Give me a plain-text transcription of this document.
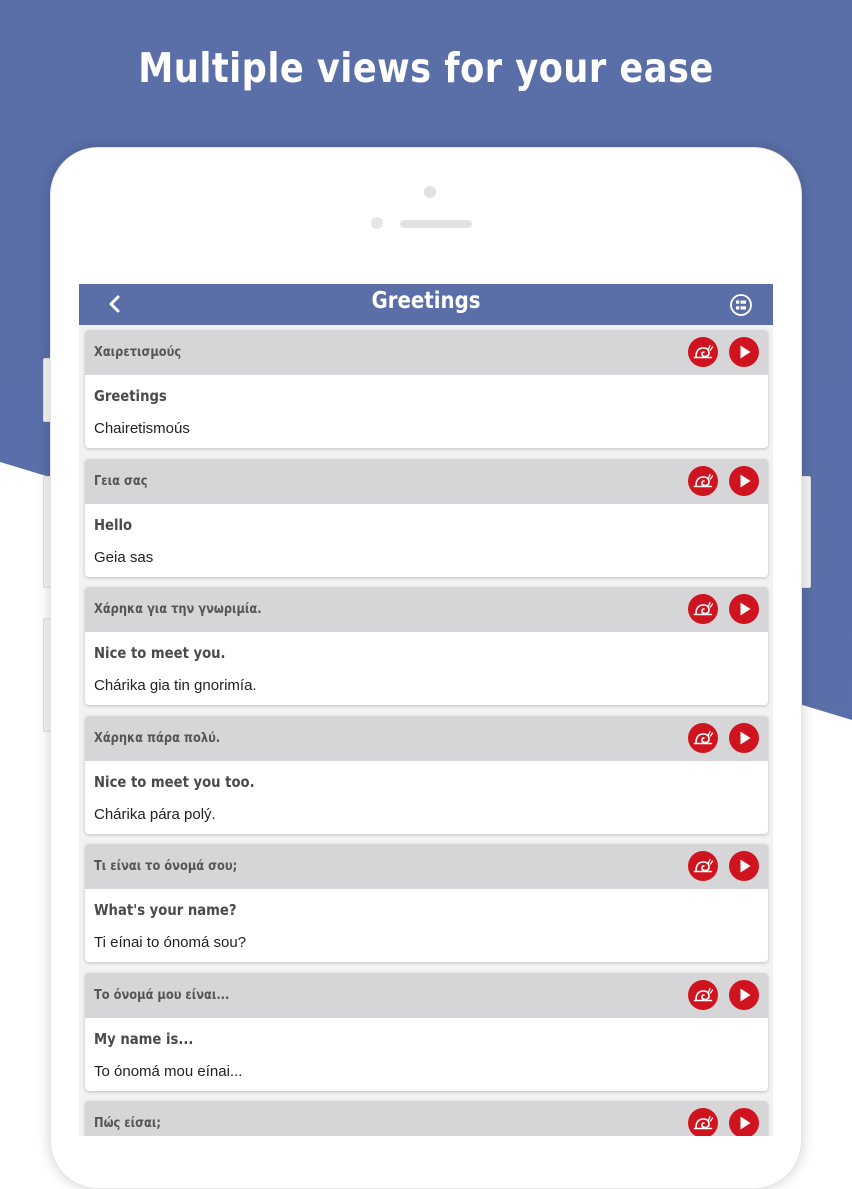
Multiple views for your ease
Greetings
Χαιρετισμούς
Greetings
Chairetismoús
Γεια σας
Hello
Geia sas
Χάρηκα για την γνωριμία.
Nice to meet you.
Chárika gia tin gnorimía.
Χάρηκα πάρα πολύ.
Nice to meet you too.
Chárika pára polý.
Τι είναι το όνομά σου;
What's your name?
Ti eínai to ónomá sou?
Το όνομά μου είναι...
My name is...
To ónomá mou eínai...
Πώς είσαι;
